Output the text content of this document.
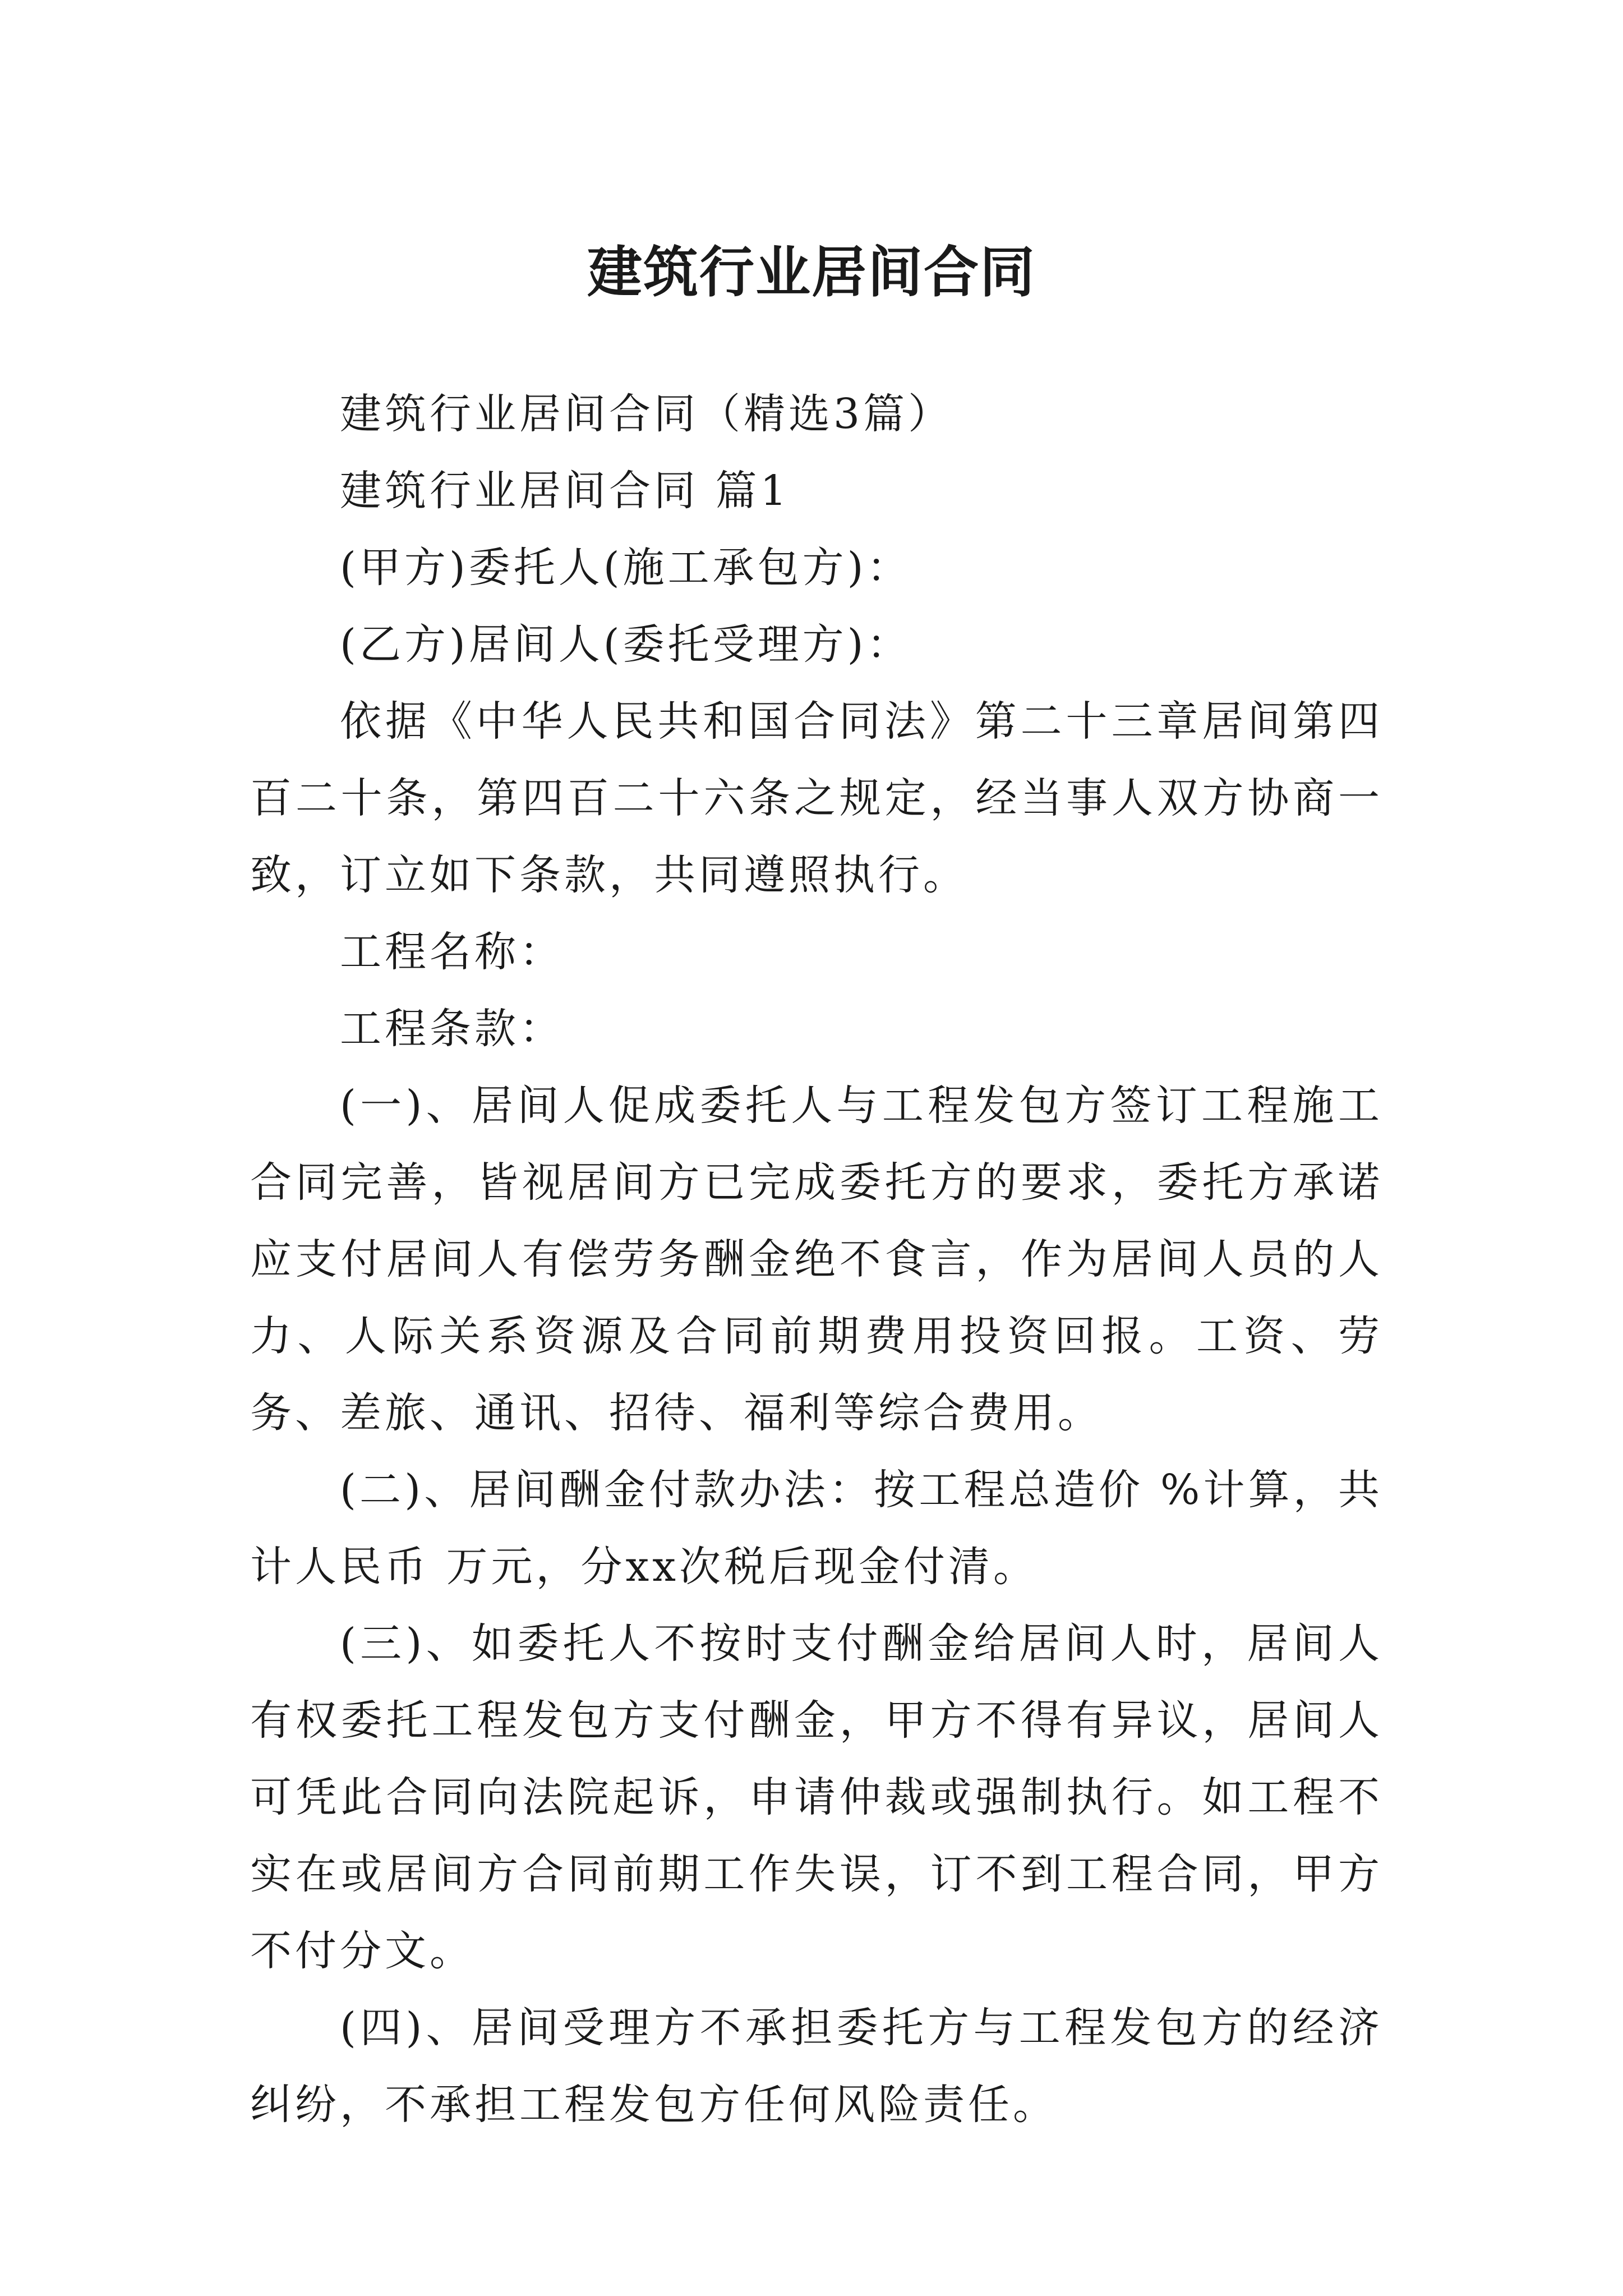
建筑行业居间合同

建筑行业居间合同（精选3篇）

建筑行业居间合同 篇1

(甲方)委托人(施工承包方)：

(乙方)居间人(委托受理方)：

依据《中华人民共和国合同法》第二十三章居间第四百二十条，第四百二十六条之规定，经当事人双方协商一致，订立如下条款，共同遵照执行。

工程名称：

工程条款：

(一)、居间人促成委托人与工程发包方签订工程施工合同完善，皆视居间方已完成委托方的要求，委托方承诺应支付居间人有偿劳务酬金绝不食言，作为居间人员的人力、人际关系资源及合同前期费用投资回报。工资、劳务、差旅、通讯、招待、福利等综合费用。

(二)、居间酬金付款办法：按工程总造价 %计算，共计人民币 万元，分xx次税后现金付清。

(三)、如委托人不按时支付酬金给居间人时，居间人有权委托工程发包方支付酬金，甲方不得有异议，居间人可凭此合同向法院起诉，申请仲裁或强制执行。如工程不实在或居间方合同前期工作失误，订不到工程合同，甲方不付分文。

(四)、居间受理方不承担委托方与工程发包方的经济纠纷，不承担工程发包方任何风险责任。
